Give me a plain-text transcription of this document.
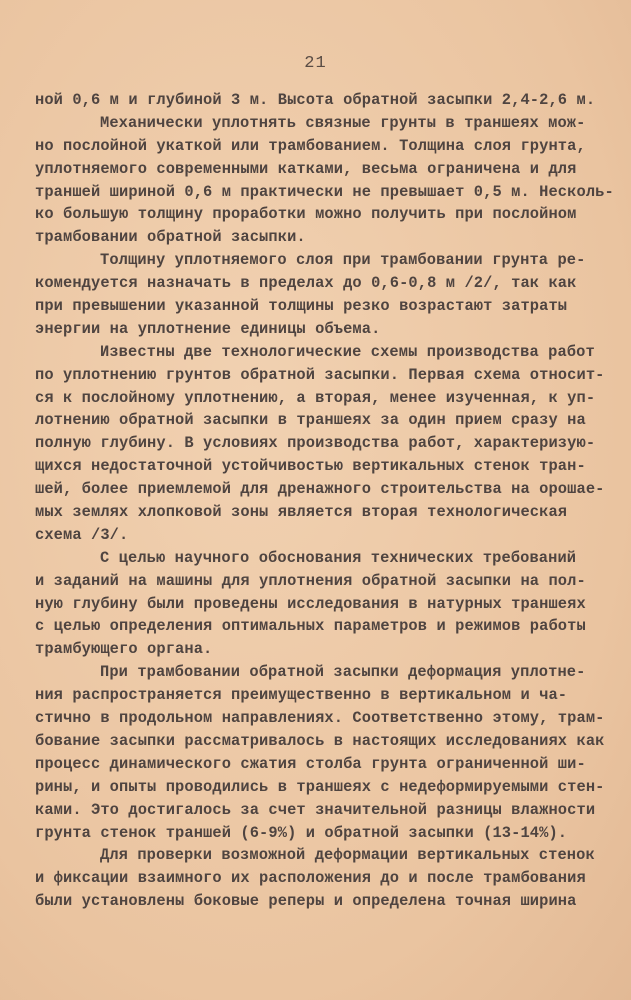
21
ной 0,6 м и глубиной 3 м. Высота обратной засыпки 2,4-2,6 м.
Механически уплотнять связные грунты в траншеях мож-
но послойной укаткой или трамбованием. Толщина слоя грунта,
уплотняемого современными катками, весьма ограничена и для
траншей шириной 0,6 м практически не превышает 0,5 м. Несколь-
ко большую толщину проработки можно получить при послойном
трамбовании обратной засыпки.
Толщину уплотняемого слоя при трамбовании грунта ре-
комендуется назначать в пределах до 0,6-0,8 м /2/, так как
при превышении указанной толщины резко возрастают затраты
энергии на уплотнение единицы объема.
Известны две технологические схемы производства работ
по уплотнению грунтов обратной засыпки. Первая схема относит-
ся к послойному уплотнению, а вторая, менее изученная, к уп-
лотнению обратной засыпки в траншеях за один прием сразу на
полную глубину. В условиях производства работ, характеризую-
щихся недостаточной устойчивостью вертикальных стенок тран-
шей, более приемлемой для дренажного строительства на орошае-
мых землях хлопковой зоны является вторая технологическая
схема /3/.
С целью научного обоснования технических требований
и заданий на машины для уплотнения обратной засыпки на пол-
ную глубину были проведены исследования в натурных траншеях
с целью определения оптимальных параметров и режимов работы
трамбующего органа.
При трамбовании обратной засыпки деформация уплотне-
ния распространяется преимущественно в вертикальном и ча-
стично в продольном направлениях. Соответственно этому, трам-
бование засыпки рассматривалось в настоящих исследованиях как
процесс динамического сжатия столба грунта ограниченной ши-
рины, и опыты проводились в траншеях с недеформируемыми стен-
ками. Это достигалось за счет значительной разницы влажности
грунта стенок траншей (6-9%) и обратной засыпки (13-14%).
Для проверки возможной деформации вертикальных стенок
и фиксации взаимного их расположения до и после трамбования
были установлены боковые реперы и определена точная ширина
